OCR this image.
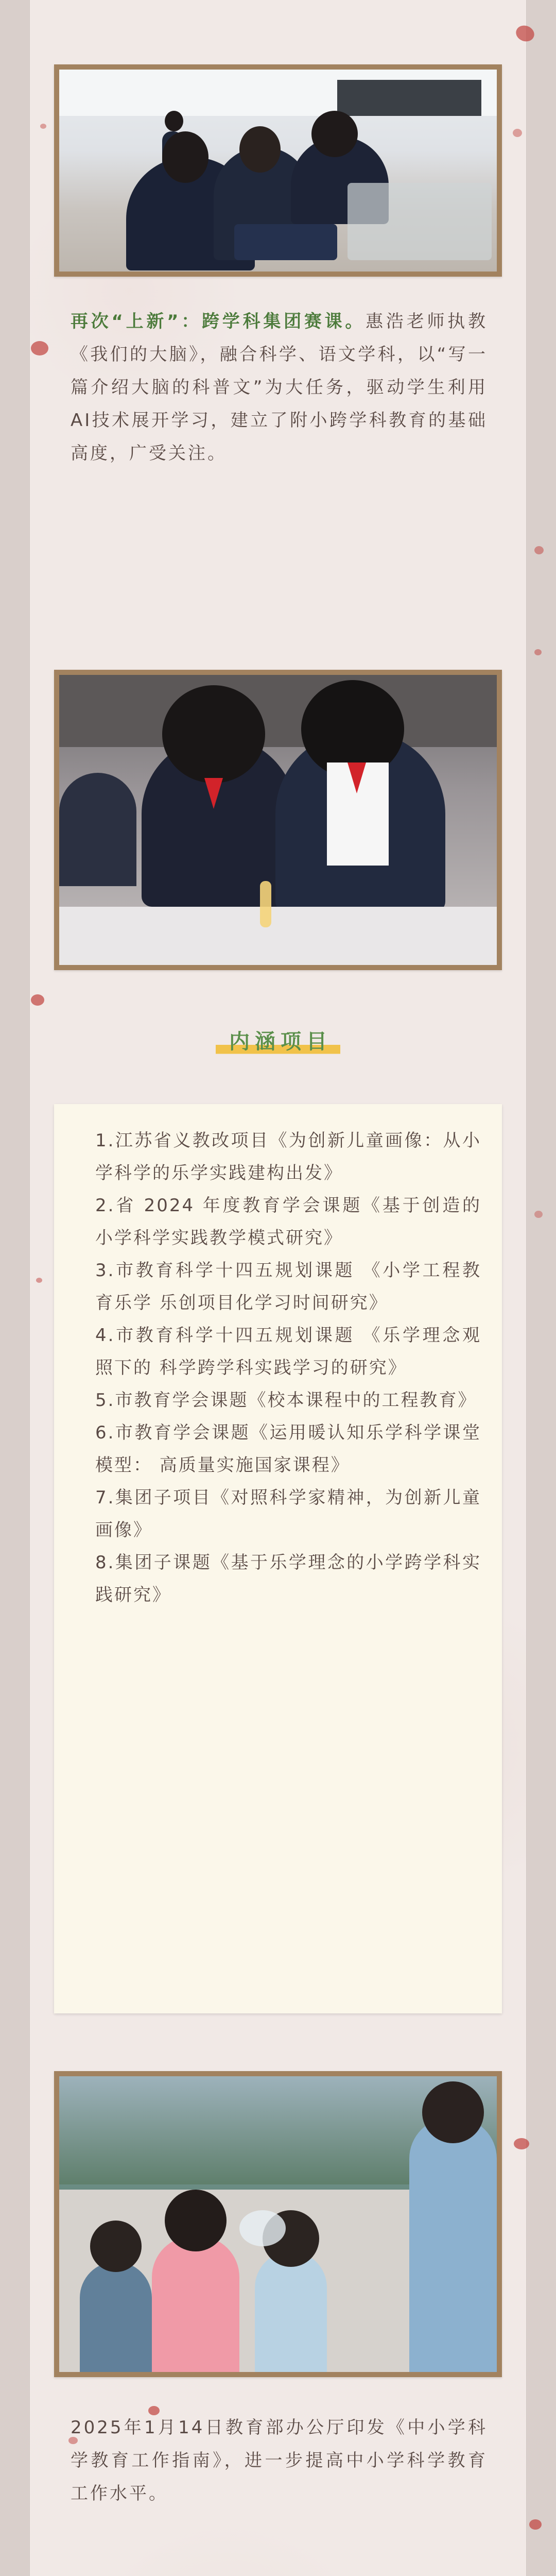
再次“上新”：跨学科集团赛课。惠浩老师执教《我们的大脑》，融合科学、语文学科，以“写一篇介绍大脑的科普文”为大任务，驱动学生利用AI技术展开学习，建立了附小跨学科教育的基础高度，广受关注。
内涵项目
1.江苏省义教改项目《为创新儿童画像：从小学科学的乐学实践建构出发》
2.省 2024 年度教育学会课题《基于创造的小学科学实践教学模式研究》
3.市教育科学十四五规划课题 《小学工程教育乐学 乐创项目化学习时间研究》
4.市教育科学十四五规划课题 《乐学理念观照下的 科学跨学科实践学习的研究》
5.市教育学会课题《校本课程中的工程教育》
6.市教育学会课题《运用暖认知乐学科学课堂模型： 高质量实施国家课程》
7.集团子项目《对照科学家精神，为创新儿童画像》
8.集团子课题《基于乐学理念的小学跨学科实践研究》
2025年1月14日教育部办公厅印发《中小学科学教育工作指南》，进一步提高中小学科学教育工作水平。
